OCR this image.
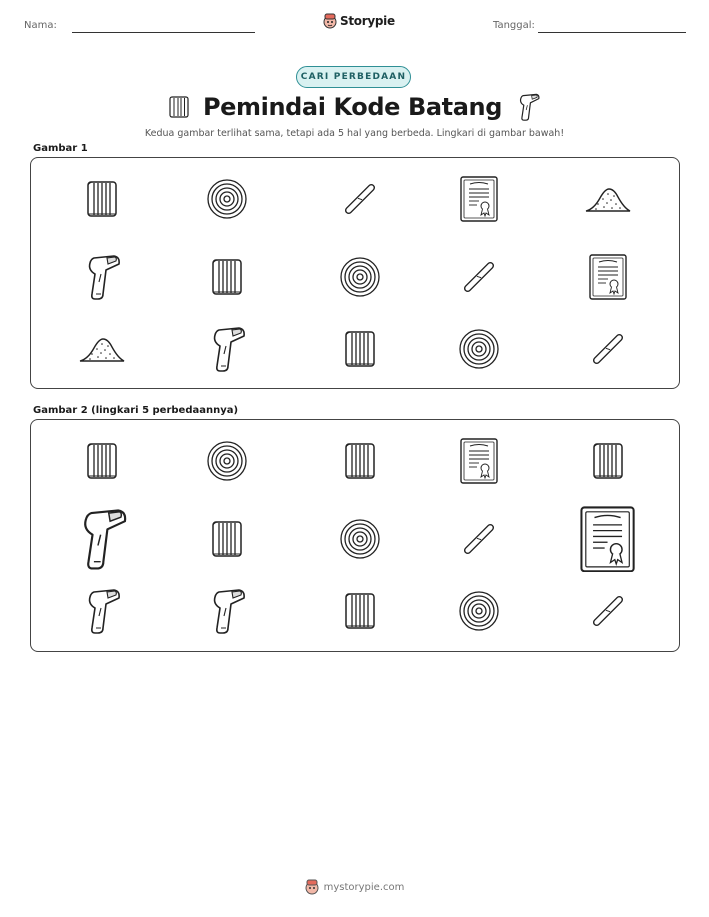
Nama:	Storypie	Tanggal:
CARI PERBEDAAN
Pemindai Kode Batang
Kedua gambar terlihat sama, tetapi ada 5 hal yang berbeda. Lingkari di gambar bawah!
Gambar 1
Gambar 2 (lingkari 5 perbedaannya)
mystorypie.com
